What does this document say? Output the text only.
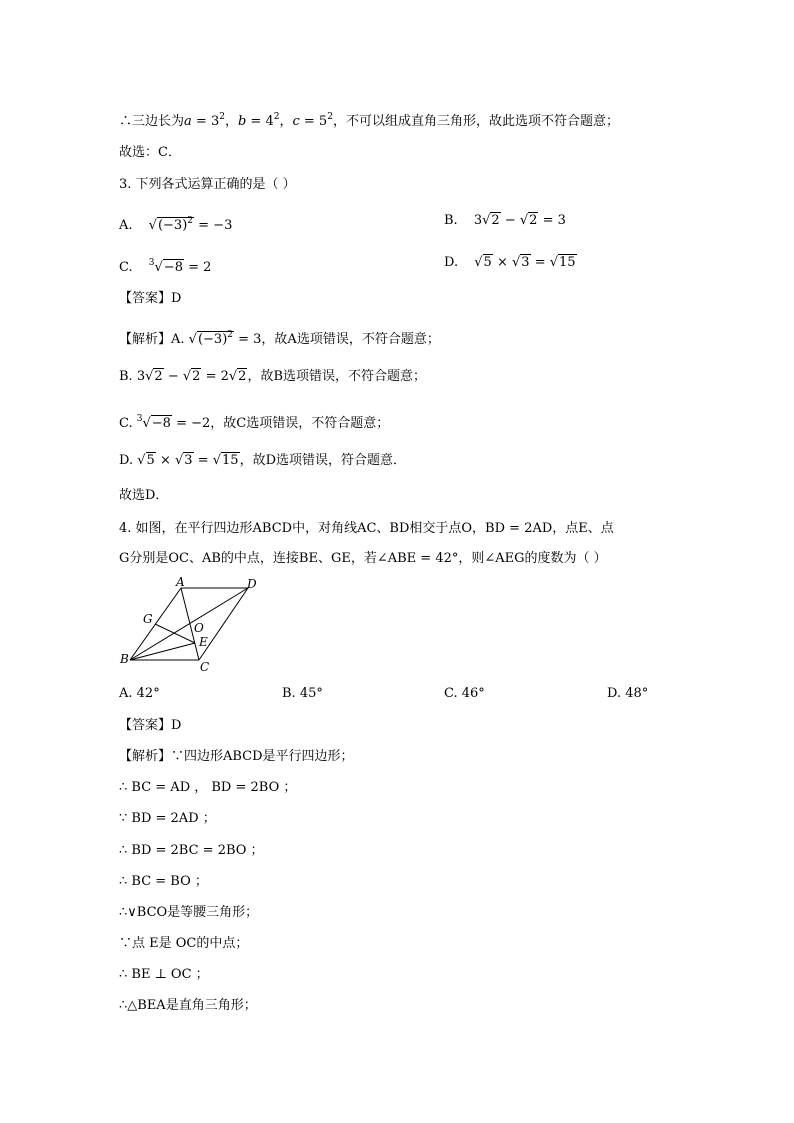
∴三边长为$a = 3^2$，$b = 4^2$，$c = 5^2$，不可以组成直角三角形，故此选项不符合题意；
故选：C．
3. 下列各式运算正确的是（ ）
A. $√(-3)^2 = -3$	B. 3√2 − √2 = 3
C. $^3$√−8 = 2	D. √5 × √3 = √15
【答案】D
【解析】A. $√(-3)^2 = 3$，故A选项错误，不符合题意；
B. 3√2 − √2 = 2√2，故B选项错误，不符合题意；
C. $^3$√−8 = −2，故C选项错误，不符合题意；
D. √5 × √3 = √15，故D选项错误，符合题意．
故选D．
4. 如图，在平行四边形ABCD中，对角线AC、BD相交于点O，BD = 2AD，点E、点
G分别是OC、AB的中点，连接BE、GE，若∠ABE = 42°，则∠AEG的度数为（ ）
A	D
G
O
E
B
C
A. 42°	B. 45°	C. 46°	D. 48°
【答案】D
【解析】∵四边形ABCD是平行四边形；
∴ BC = AD ， BD = 2BO ；
∵ BD = 2AD ；
∴ BD = 2BC = 2BO ；
∴ BC = BO ；
∴∨BCO是等腰三角形；
∵点 E是 OC的中点；
∴ BE ⊥ OC ；
∴△BEA是直角三角形；
